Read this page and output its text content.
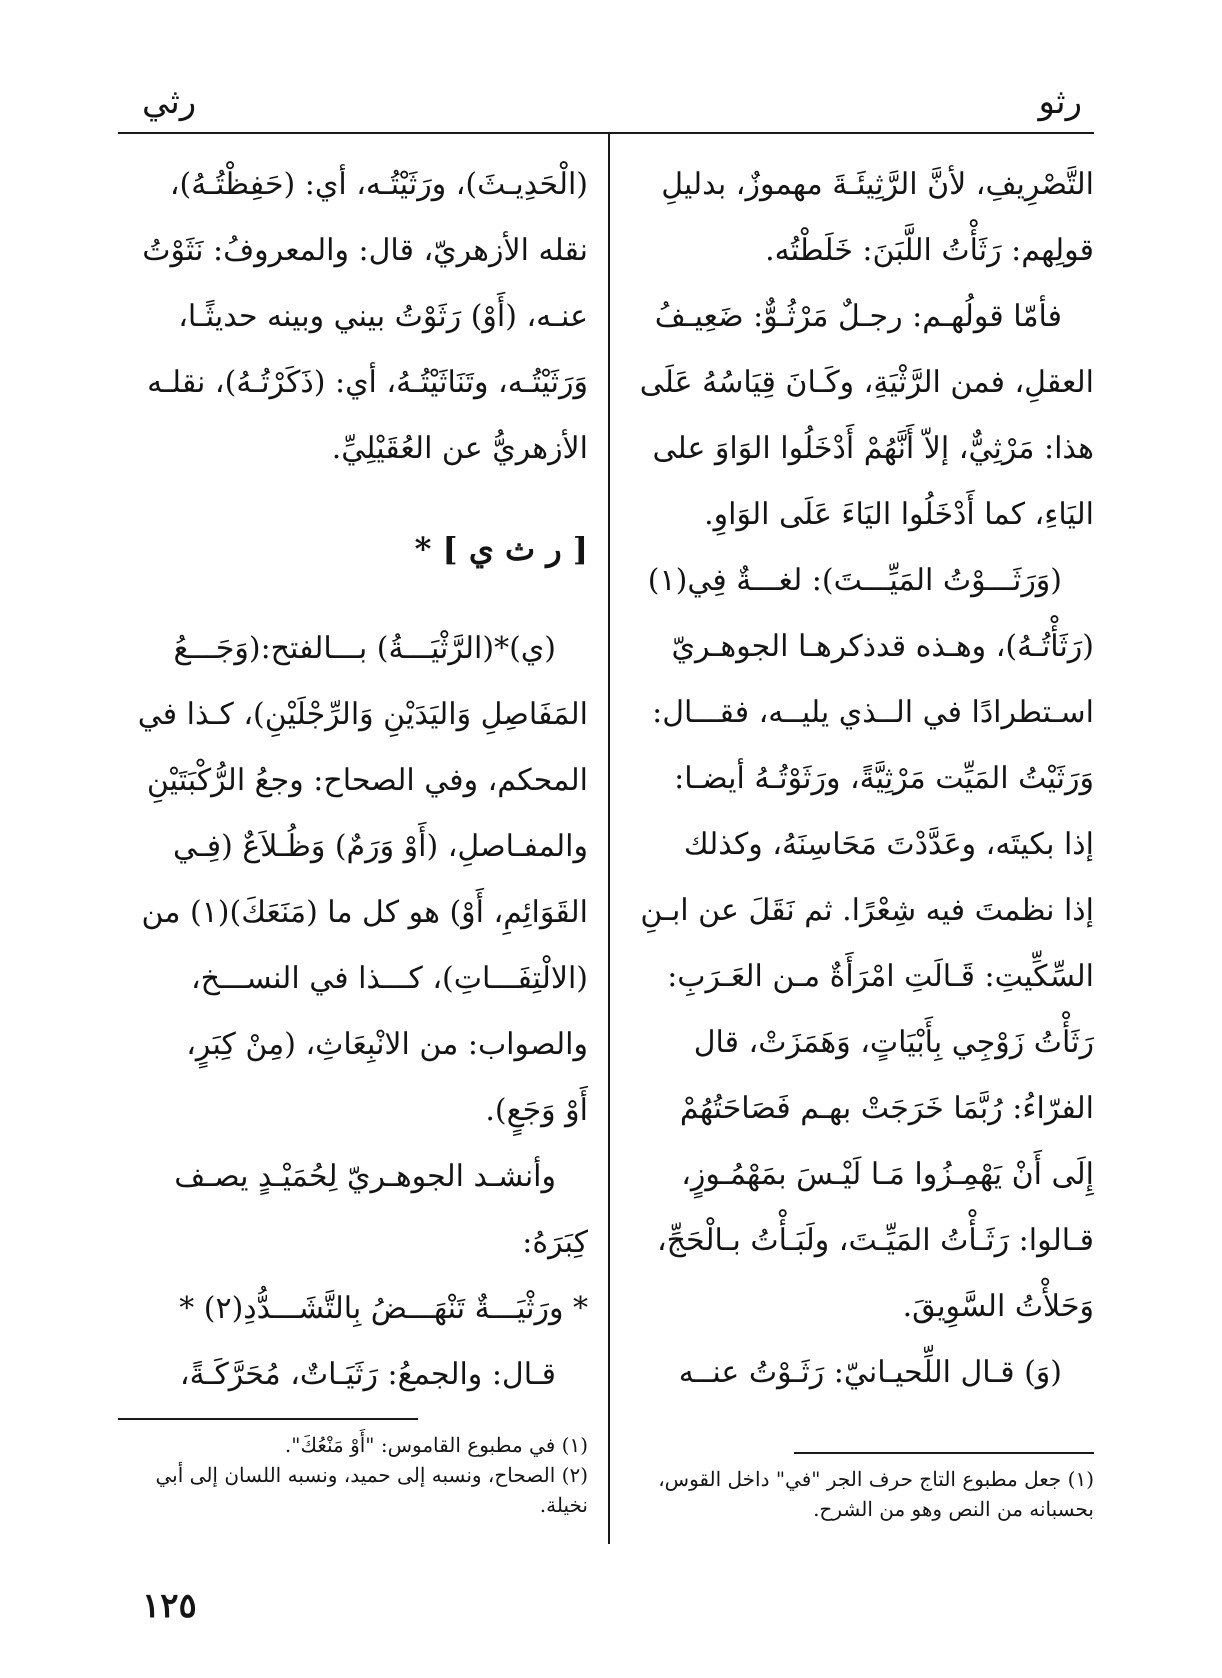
رثو
رثي
التَّصْرِيفِ، لأنَّ الرَّثِيئَـةَ مهموزٌ، بدليلِ
قولِهم: رَثَأْتُ اللَّبَنَ: خَلَطْتُه.
فأمّا قولُهـم: رجـلٌ مَرْثُـوٌّ: ضَعِيـفُ
العقلِ، فمن الرَّثْيَةِ، وكَـانَ قِيَاسُهُ عَلَى
هذا: مَرْثِيٌّ، إلاّ أَنَّهُمْ أَدْخَلُوا الوَاوَ على
اليَاءِ، كما أَدْخَلُوا اليَاءَ عَلَى الوَاوِ.
(وَرَثَـــوْتُ المَيِّـــتَ): لغـــةٌ فِي(١)
(رَثَأْتُـهُ)، وهـذه قدذكرهـا الجوهـريّ
اسـتطرادًا في الــذي يليــه، فقـــال:
وَرَثَيْتُ المَيِّت مَرْثِيَّةً، ورَثَوْتُـهُ أيضـا:
إذا بكيتَه، وعَدَّدْتَ مَحَاسِنَهُ، وكذلك
إذا نظمتَ فيه شِعْرًا. ثم نَقَلَ عن ابـنِ
السِّكِّيتِ: قَـالَتِ امْرَأَةٌ مـن العَـرَبِ:
رَثَأْتُ زَوْجِي بِأَبْيَاتٍ، وَهَمَزَتْ، قال
الفرّاءُ: رُبَّمَا خَرَجَتْ بهـم فَصَاحَتُهُمْ
إِلَى أَنْ يَهْمِـزُوا مَـا لَيْـسَ بمَهْمُـوزٍ،
قـالوا: رَثَـأْتُ المَيِّـتَ، ولَبَـأْتُ بـالْحَجِّ،
وَحَلأْتُ السَّوِيقَ.
(وَ) قـال اللِّحيـانيّ: رَثَـوْتُ عنــه
(١) جعل مطبوع التاج حرف الجر "في" داخل القوس،
بحسبانه من النص وهو من الشرح.
(الْحَدِيـثَ)، ورَثَيْتُـه، أي: (حَفِظْتُـهُ)،
نقله الأزهريّ، قال: والمعروفُ: نَثَوْتُ
عنـه، (أَوْ) رَثَوْتُ بيني وبينه حديثًـا،
وَرَثَيْتُـه، وتَنَاثَيْتُـهُ، أي: (ذَكَرْتُـهُ)، نقلـه
الأزهريُّ عن العُقَيْلِيِّ.
[ ر ث ي ] *
(ي)*(الرَّثْيَـــةُ) بـــالفتح:(وَجَـــعُ
المَفَاصِلِ وَاليَدَيْنِ وَالرِّجْلَيْنِ)، كـذا في
المحكم، وفي الصحاح: وجعُ الرُّكْبَتَيْنِ
والمفـاصلِ، (أَوْ وَرَمٌ) وَظُـلاَعٌ (فِـي
القَوَائِمِ، أَوْ) هو كل ما (مَنَعَكَ)(١) من
(الالْتِفَـــاتِ)، كـــذا في النســـخ،
والصواب: من الانْبِعَاثِ، (مِنْ كِبَرٍ،
أَوْ وَجَعٍ).
وأنشـد الجوهـريّ لِحُمَيْـدٍ يصـف
كِبَرَهُ:
* ورَثْيَـــةٌ تَنْهَـــضُ بِالتَّشَـــدُّدِ(٢) *
قـال: والجمعُ: رَثَيَـاتٌ، مُحَرَّكَـةً،
(١) في مطبوع القاموس: "أَوْ مَنْعُكَ".
(٢) الصحاح، ونسبه إلى حميد، ونسبه اللسان إلى أبي
نخيلة.
١٢٥
